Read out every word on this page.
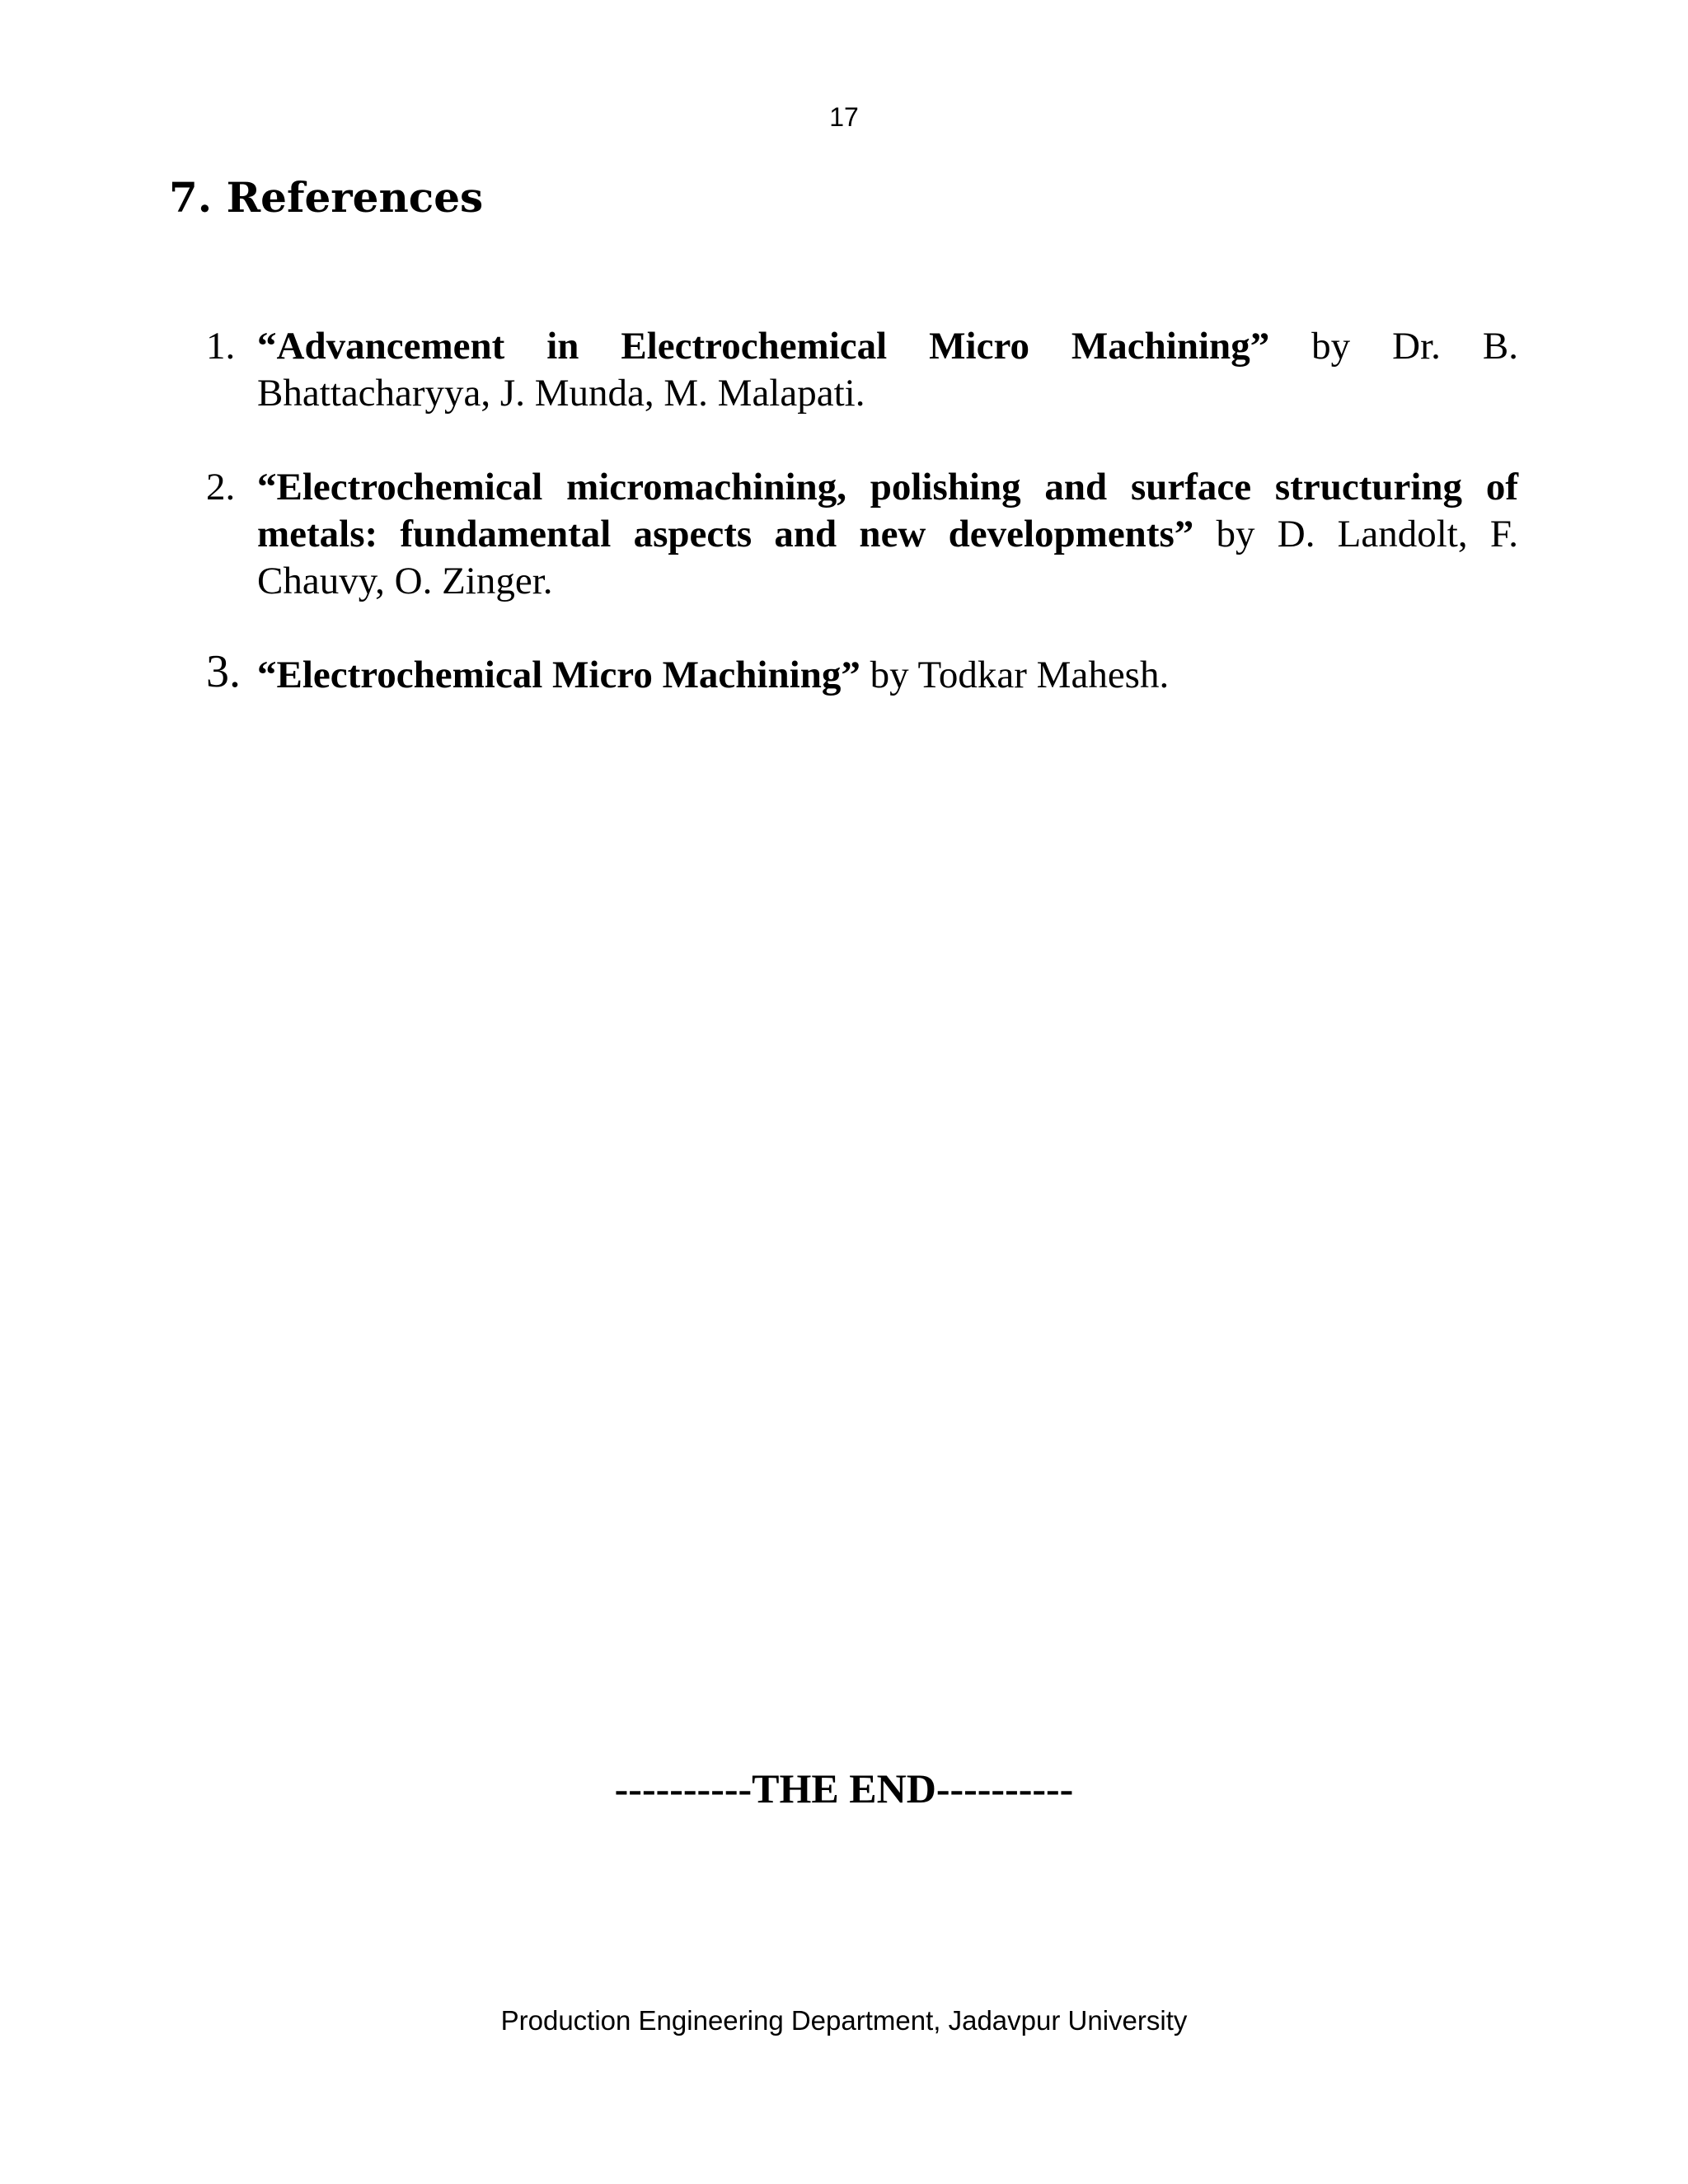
17
7. References
1. “Advancement in Electrochemical Micro Machining” by Dr. B. Bhattacharyya, J. Munda, M. Malapati.
2. “Electrochemical micromachining, polishing and surface structuring of metals: fundamental aspects and new developments” by D. Landolt, F. Chauvy, O. Zinger.
3. “Electrochemical Micro Machining” by Todkar Mahesh.
----------THE END----------
Production Engineering Department, Jadavpur University
